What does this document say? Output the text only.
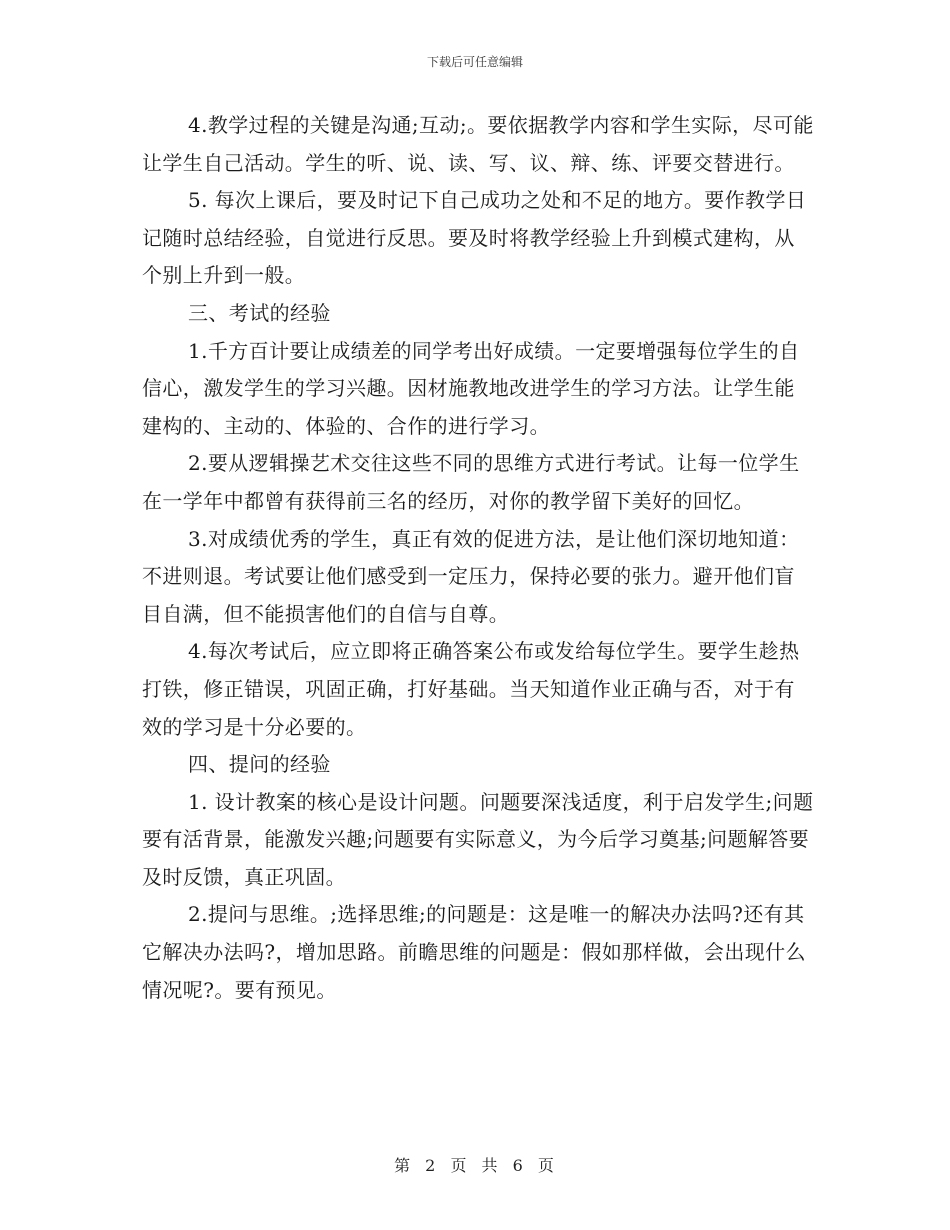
下载后可任意编辑

4.教学过程的关键是沟通;互动;。要依据教学内容和学生实际，尽可能让学生自己活动。学生的听、说、读、写、议、辩、练、评要交替进行。

5. 每次上课后，要及时记下自己成功之处和不足的地方。要作教学日记随时总结经验，自觉进行反思。要及时将教学经验上升到模式建构，从个别上升到一般。

三、考试的经验

1.千方百计要让成绩差的同学考出好成绩。一定要增强每位学生的自信心，激发学生的学习兴趣。因材施教地改进学生的学习方法。让学生能建构的、主动的、体验的、合作的进行学习。

2.要从逻辑操艺术交往这些不同的思维方式进行考试。让每一位学生在一学年中都曾有获得前三名的经历，对你的教学留下美好的回忆。

3.对成绩优秀的学生，真正有效的促进方法，是让他们深切地知道：不进则退。考试要让他们感受到一定压力，保持必要的张力。避开他们盲目自满，但不能损害他们的自信与自尊。

4.每次考试后，应立即将正确答案公布或发给每位学生。要学生趁热打铁，修正错误，巩固正确，打好基础。当天知道作业正确与否，对于有效的学习是十分必要的。

四、提问的经验

1. 设计教案的核心是设计问题。问题要深浅适度，利于启发学生;问题要有活背景，能激发兴趣;问题要有实际意义，为今后学习奠基;问题解答要及时反馈，真正巩固。

2.提问与思维。;选择思维;的问题是：这是唯一的解决办法吗?还有其它解决办法吗?，增加思路。前瞻思维的问题是：假如那样做，会出现什么情况呢?。要有预见。

第 2 页 共 6 页
